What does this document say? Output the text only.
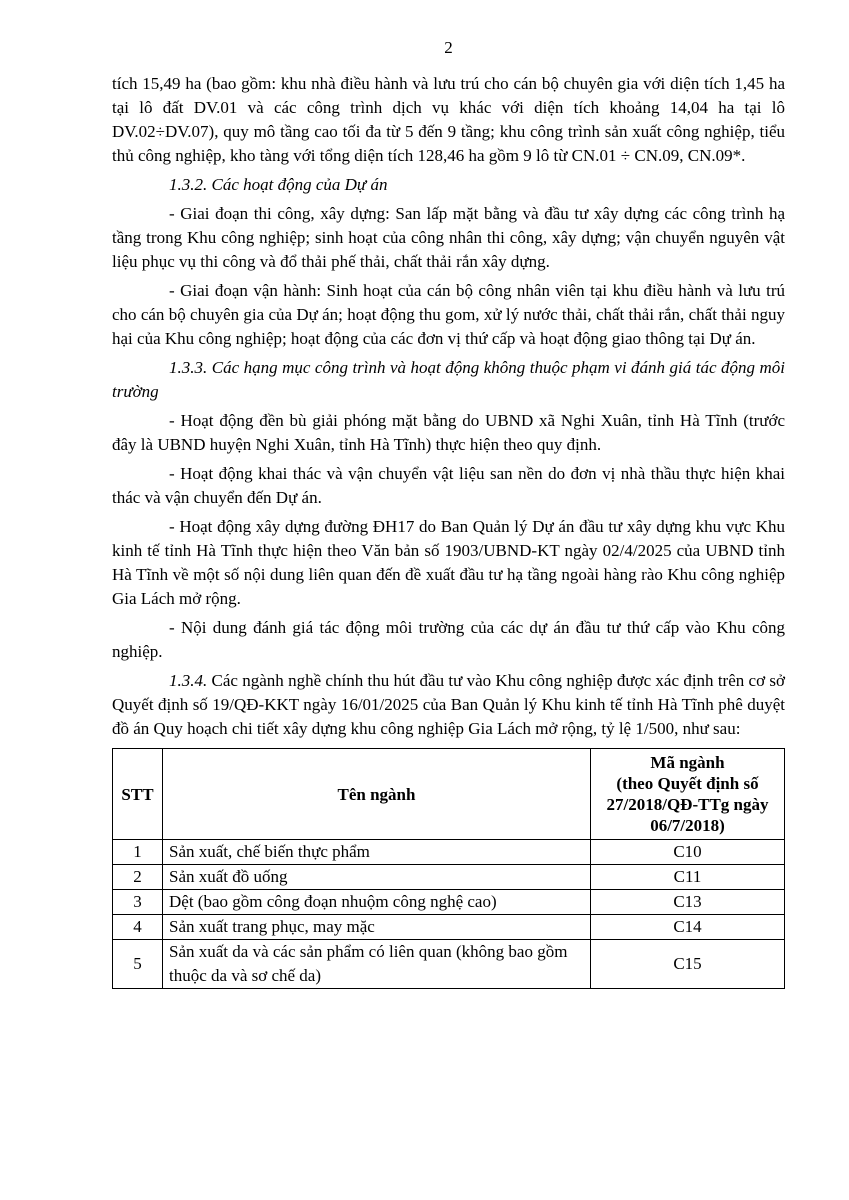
2

tích 15,49 ha (bao gồm: khu nhà điều hành và lưu trú cho cán bộ chuyên gia với diện tích 1,45 ha tại lô đất DV.01 và các công trình dịch vụ khác với diện tích khoảng 14,04 ha tại lô DV.02÷DV.07), quy mô tầng cao tối đa từ 5 đến 9 tầng; khu công trình sản xuất công nghiệp, tiểu thủ công nghiệp, kho tàng với tổng diện tích 128,46 ha gồm 9 lô từ CN.01 ÷ CN.09, CN.09*.

1.3.2. Các hoạt động của Dự án

- Giai đoạn thi công, xây dựng: San lấp mặt bằng và đầu tư xây dựng các công trình hạ tầng trong Khu công nghiệp; sinh hoạt của công nhân thi công, xây dựng; vận chuyển nguyên vật liệu phục vụ thi công và đổ thải phế thải, chất thải rắn xây dựng.

- Giai đoạn vận hành: Sinh hoạt của cán bộ công nhân viên tại khu điều hành và lưu trú cho cán bộ chuyên gia của Dự án; hoạt động thu gom, xử lý nước thải, chất thải rắn, chất thải nguy hại của Khu công nghiệp; hoạt động của các đơn vị thứ cấp và hoạt động giao thông tại Dự án.

1.3.3. Các hạng mục công trình và hoạt động không thuộc phạm vi đánh giá tác động môi trường

- Hoạt động đền bù giải phóng mặt bằng do UBND xã Nghi Xuân, tỉnh Hà Tĩnh (trước đây là UBND huyện Nghi Xuân, tỉnh Hà Tĩnh) thực hiện theo quy định.

- Hoạt động khai thác và vận chuyển vật liệu san nền do đơn vị nhà thầu thực hiện khai thác và vận chuyển đến Dự án.

- Hoạt động xây dựng đường ĐH17 do Ban Quản lý Dự án đầu tư xây dựng khu vực Khu kinh tế tỉnh Hà Tĩnh thực hiện theo Văn bản số 1903/UBND-KT ngày 02/4/2025 của UBND tỉnh Hà Tĩnh về một số nội dung liên quan đến đề xuất đầu tư hạ tầng ngoài hàng rào Khu công nghiệp Gia Lách mở rộng.

- Nội dung đánh giá tác động môi trường của các dự án đầu tư thứ cấp vào Khu công nghiệp.

1.3.4. Các ngành nghề chính thu hút đầu tư vào Khu công nghiệp được xác định trên cơ sở Quyết định số 19/QĐ-KKT ngày 16/01/2025 của Ban Quản lý Khu kinh tế tỉnh Hà Tĩnh phê duyệt đồ án Quy hoạch chi tiết xây dựng khu công nghiệp Gia Lách mở rộng, tỷ lệ 1/500, như sau:

STT	Tên ngành	Mã ngành
(theo Quyết định số 27/2018/QĐ-TTg ngày 06/7/2018)

1	Sản xuất, chế biến thực phẩm	C10
2	Sản xuất đồ uống	C11
3	Dệt (bao gồm công đoạn nhuộm công nghệ cao)	C13
4	Sản xuất trang phục, may mặc	C14
5	Sản xuất da và các sản phẩm có liên quan (không bao gồm thuộc da và sơ chế da)	C15
